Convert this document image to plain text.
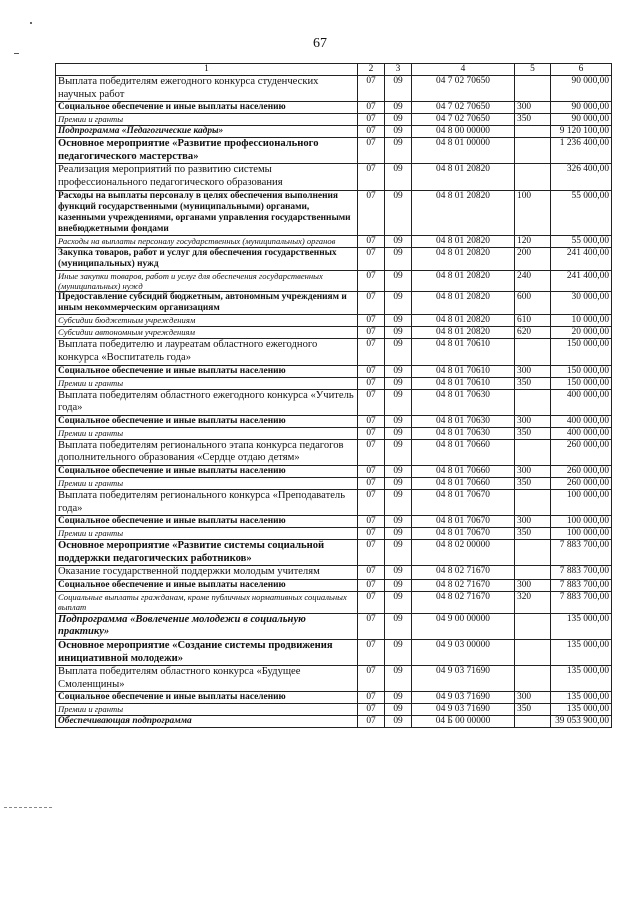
67
1	2	3	4	5	6
Выплата победителям ежегодного конкурса студенческих научных работ	07	09	04 7 02 70650		90 000,00
Социальное обеспечение и иные выплаты населению	07	09	04 7 02 70650	300	90 000,00
Премии и гранты	07	09	04 7 02 70650	350	90 000,00
Подпрограмма «Педагогические кадры»	07	09	04 8 00 00000		9 120 100,00
Основное мероприятие «Развитие профессионального педагогического мастерства»	07	09	04 8 01 00000		1 236 400,00
Реализация мероприятий по развитию системы профессионального педагогического образования	07	09	04 8 01 20820		326 400,00
Расходы на выплаты персоналу в целях обеспечения выполнения функций государственными (муниципальными) органами, казенными учреждениями, органами управления государственными внебюджетными фондами	07	09	04 8 01 20820	100	55 000,00
Расходы на выплаты персоналу государственных (муниципальных) органов	07	09	04 8 01 20820	120	55 000,00
Закупка товаров, работ и услуг для обеспечения государственных (муниципальных) нужд	07	09	04 8 01 20820	200	241 400,00
Иные закупки товаров, работ и услуг для обеспечения государственных (муниципальных) нужд	07	09	04 8 01 20820	240	241 400,00
Предоставление субсидий бюджетным, автономным учреждениям и иным некоммерческим организациям	07	09	04 8 01 20820	600	30 000,00
Субсидии бюджетным учреждениям	07	09	04 8 01 20820	610	10 000,00
Субсидии автономным учреждениям	07	09	04 8 01 20820	620	20 000,00
Выплата победителю и лауреатам областного ежегодного конкурса «Воспитатель года»	07	09	04 8 01 70610		150 000,00
Социальное обеспечение и иные выплаты населению	07	09	04 8 01 70610	300	150 000,00
Премии и гранты	07	09	04 8 01 70610	350	150 000,00
Выплата победителям областного ежегодного конкурса «Учитель года»	07	09	04 8 01 70630		400 000,00
Социальное обеспечение и иные выплаты населению	07	09	04 8 01 70630	300	400 000,00
Премии и гранты	07	09	04 8 01 70630	350	400 000,00
Выплата победителям регионального этапа конкурса педагогов дополнительного образования «Сердце отдаю детям»	07	09	04 8 01 70660		260 000,00
Социальное обеспечение и иные выплаты населению	07	09	04 8 01 70660	300	260 000,00
Премии и гранты	07	09	04 8 01 70660	350	260 000,00
Выплата победителям регионального конкурса «Преподаватель года»	07	09	04 8 01 70670		100 000,00
Социальное обеспечение и иные выплаты населению	07	09	04 8 01 70670	300	100 000,00
Премии и гранты	07	09	04 8 01 70670	350	100 000,00
Основное мероприятие «Развитие системы социальной поддержки педагогических работников»	07	09	04 8 02 00000		7 883 700,00
Оказание государственной поддержки молодым учителям	07	09	04 8 02 71670		7 883 700,00
Социальное обеспечение и иные выплаты населению	07	09	04 8 02 71670	300	7 883 700,00
Социальные выплаты гражданам, кроме публичных нормативных социальных выплат	07	09	04 8 02 71670	320	7 883 700,00
Подпрограмма «Вовлечение молодежи в социальную практику»	07	09	04 9 00 00000		135 000,00
Основное мероприятие «Создание системы продвижения инициативной молодежи»	07	09	04 9 03 00000		135 000,00
Выплата победителям областного конкурса «Будущее Смоленщины»	07	09	04 9 03 71690		135 000,00
Социальное обеспечение и иные выплаты населению	07	09	04 9 03 71690	300	135 000,00
Премии и гранты	07	09	04 9 03 71690	350	135 000,00
Обеспечивающая подпрограмма	07	09	04 Б 00 00000		39 053 900,00
